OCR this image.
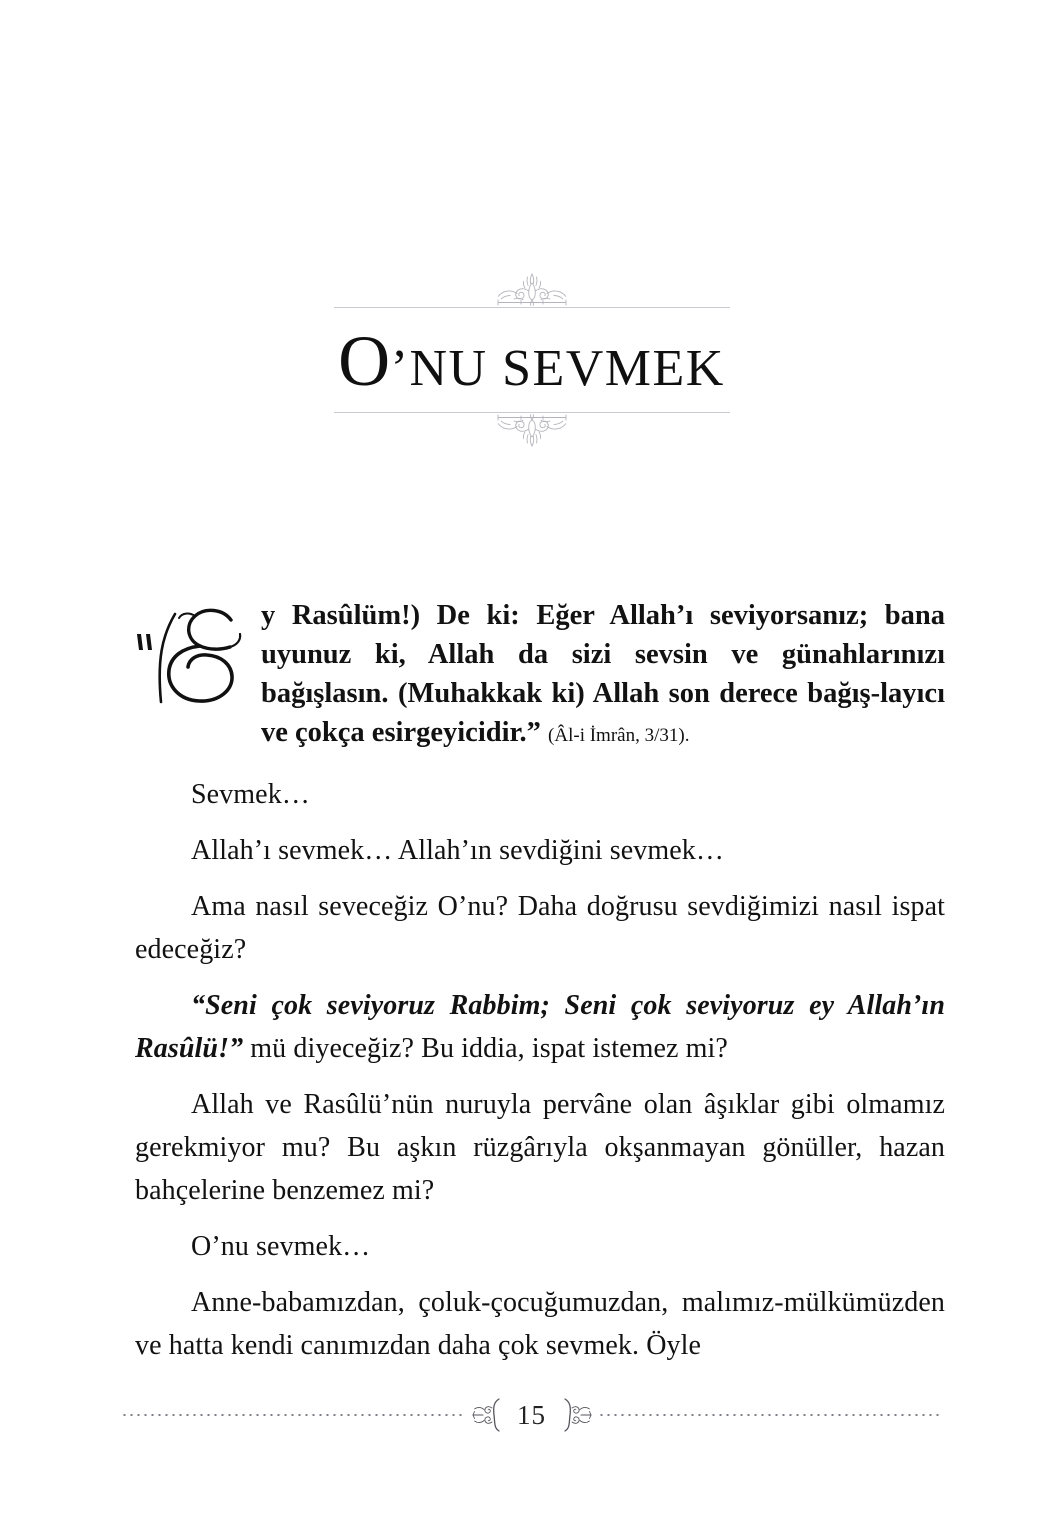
O’NU SEVMEK

y Rasûlüm!) De ki: Eğer Allah’ı seviyorsanız; bana uyunuz ki, Allah da sizi sevsin ve günahlarınızı bağışlasın. (Muhakkak ki) Allah son derece bağış-layıcı ve çokça esirgeyicidir.” (Âl-i İmrân, 3/31).

Sevmek…

Allah’ı sevmek… Allah’ın sevdiğini sevmek…

Ama nasıl seveceğiz O’nu? Daha doğrusu sevdiğimizi nasıl ispat edeceğiz?

“Seni çok seviyoruz Rabbim; Seni çok seviyoruz ey Allah’ın Rasûlü!” mü diyeceğiz? Bu iddia, ispat istemez mi?

Allah ve Rasûlü’nün nuruyla pervâne olan âşıklar gibi olmamız gerekmiyor mu? Bu aşkın rüzgârıyla okşanmayan gönüller, hazan bahçelerine benzemez mi?

O’nu sevmek…

Anne-babamızdan, çoluk-çocuğumuzdan, malımız-mülkümüzden ve hatta kendi canımızdan daha çok sevmek. Öyle

15
